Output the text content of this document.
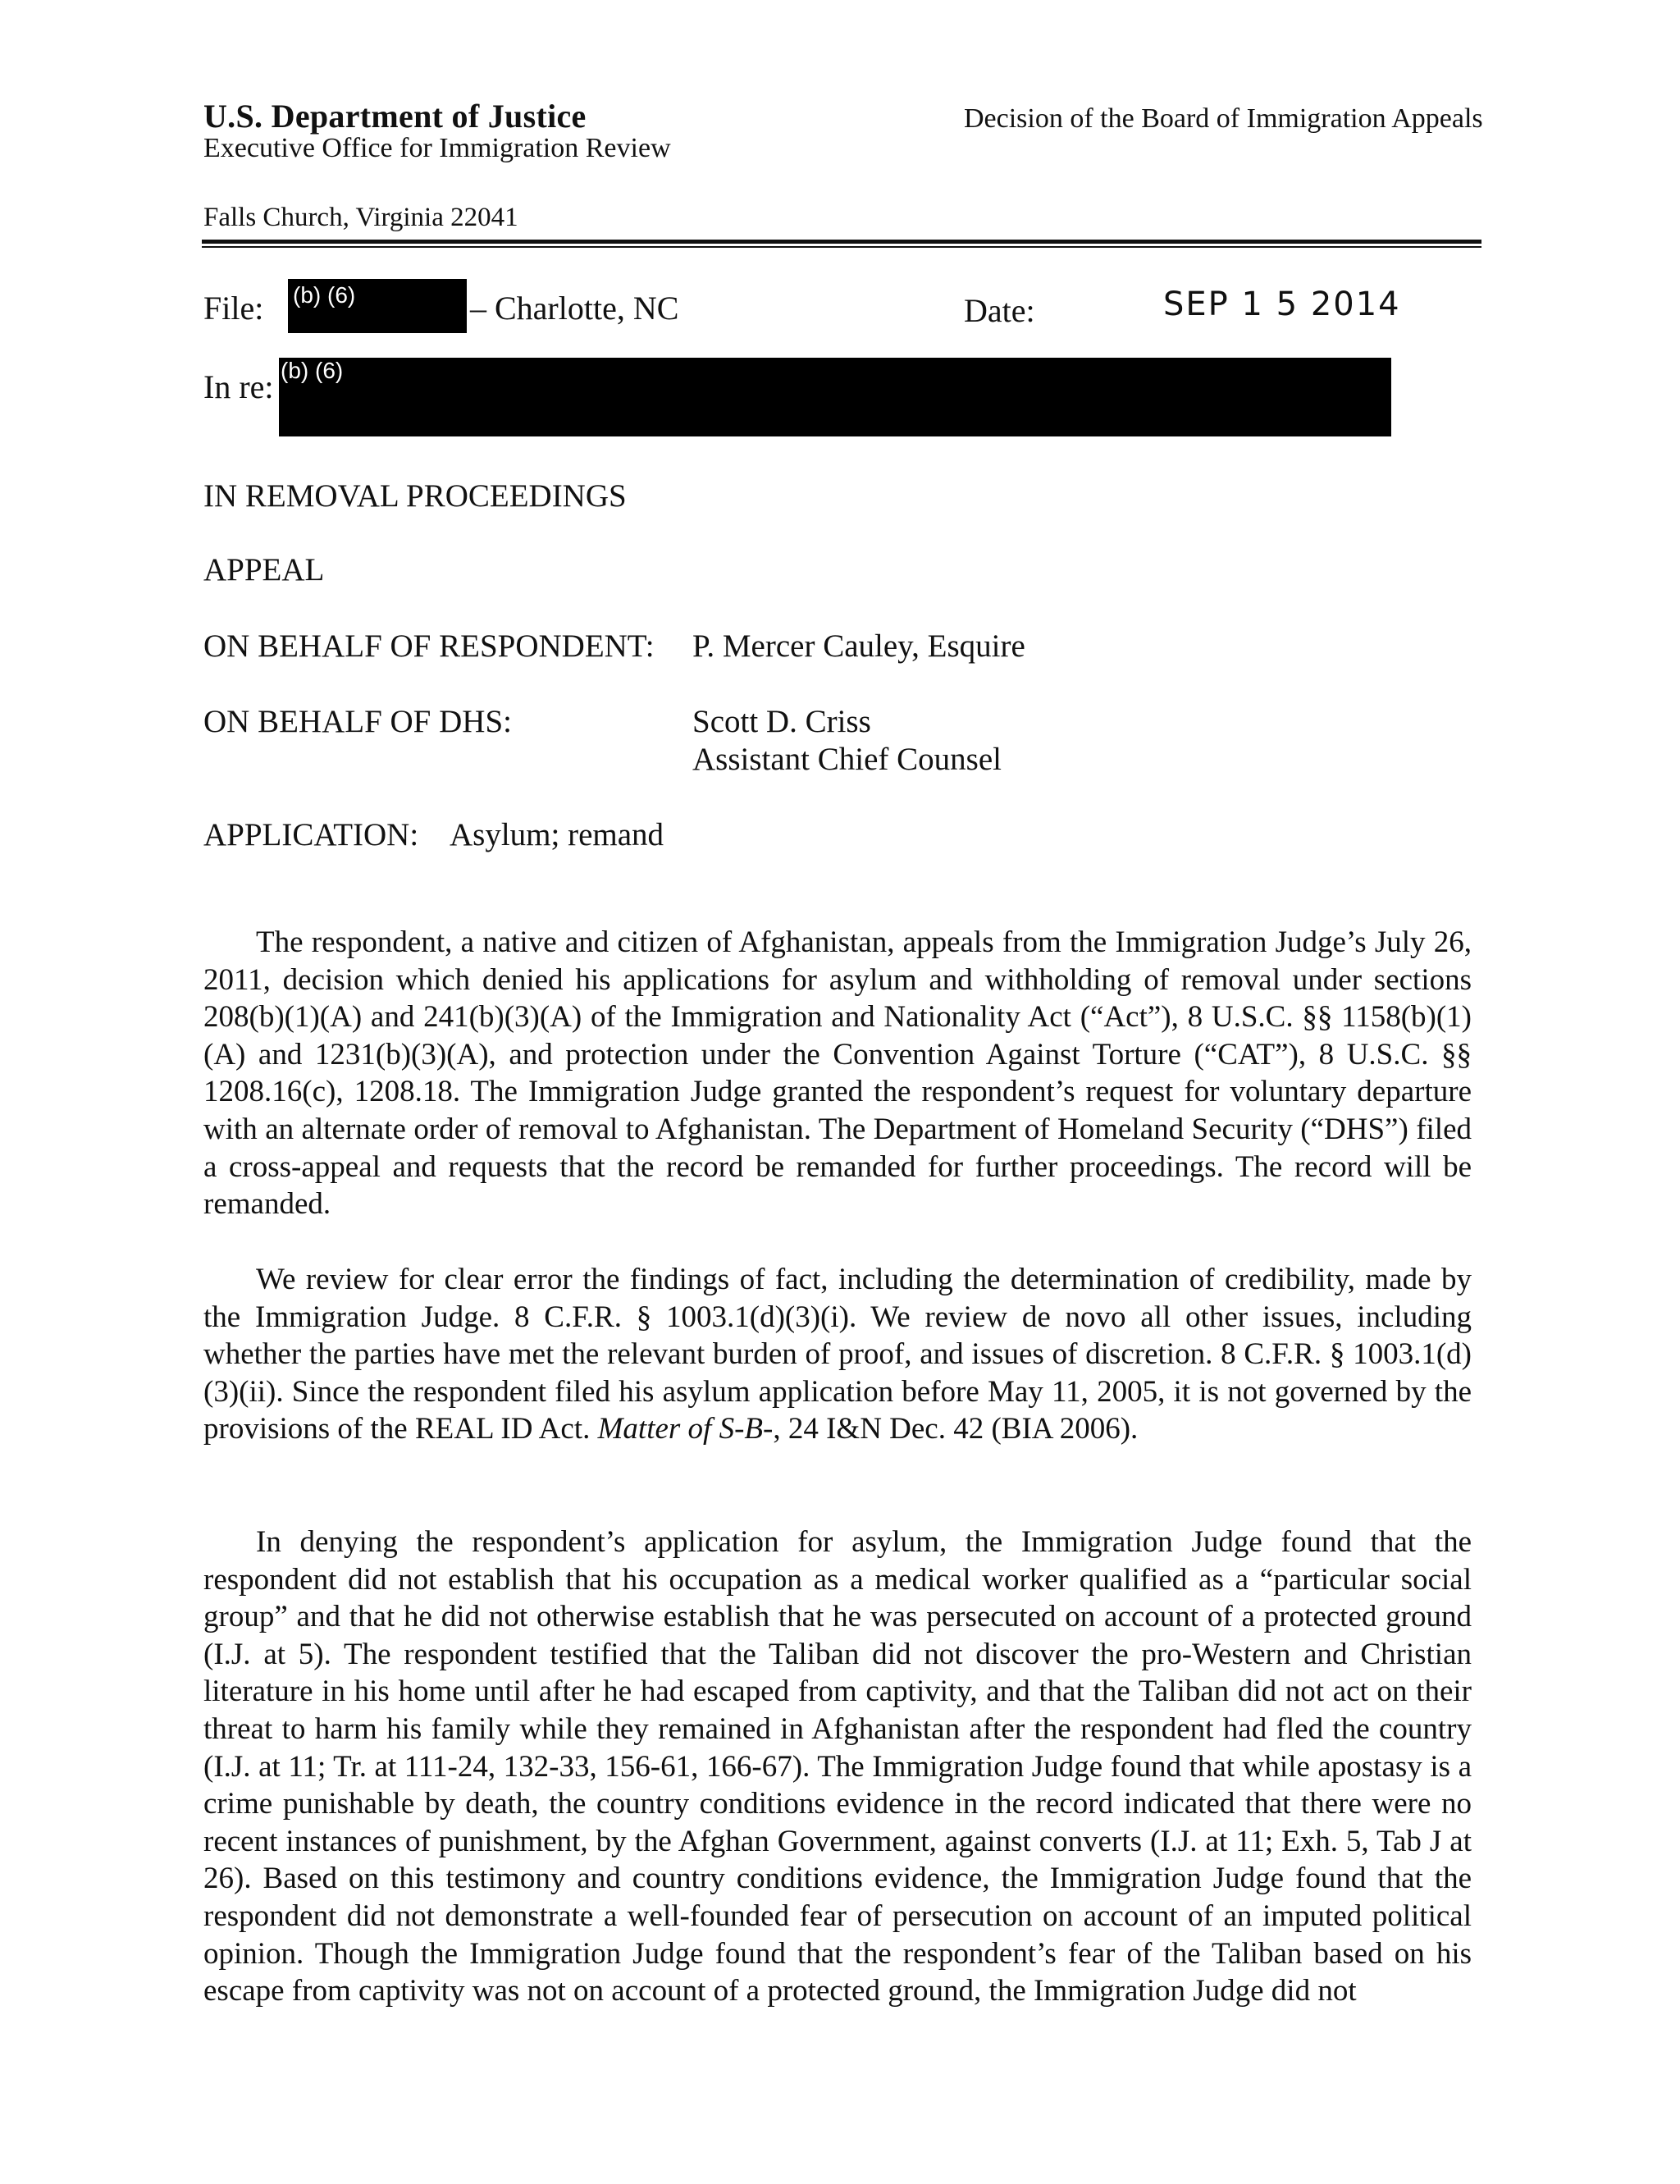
U.S. Department of Justice
Executive Office for Immigration Review
Decision of the Board of Immigration Appeals
Falls Church, Virginia 22041
File: (b) (6)	– Charlotte, NC	Date:	SEP 1 5 2014
In re: (b) (6)
IN REMOVAL PROCEEDINGS
APPEAL
ON BEHALF OF RESPONDENT: P. Mercer Cauley, Esquire
ON BEHALF OF DHS:	Scott D. Criss
Assistant Chief Counsel
APPLICATION: Asylum; remand

The respondent, a native and citizen of Afghanistan, appeals from the Immigration Judge’s July 26, 2011, decision which denied his applications for asylum and withholding of removal under sections 208(b)(1)(A) and 241(b)(3)(A) of the Immigration and Nationality Act (“Act”), 8 U.S.C. §§ 1158(b)(1)(A) and 1231(b)(3)(A), and protection under the Convention Against Torture (“CAT”), 8 U.S.C. §§ 1208.16(c), 1208.18. The Immigration Judge granted the respondent’s request for voluntary departure with an alternate order of removal to Afghanistan. The Department of Homeland Security (“DHS”) filed a cross-appeal and requests that the record be remanded for further proceedings. The record will be remanded.

We review for clear error the findings of fact, including the determination of credibility, made by the Immigration Judge. 8 C.F.R. § 1003.1(d)(3)(i). We review de novo all other issues, including whether the parties have met the relevant burden of proof, and issues of discretion. 8 C.F.R. § 1003.1(d)(3)(ii). Since the respondent filed his asylum application before May 11, 2005, it is not governed by the provisions of the REAL ID Act. Matter of S-B-, 24 I&N Dec. 42 (BIA 2006).

In denying the respondent’s application for asylum, the Immigration Judge found that the respondent did not establish that his occupation as a medical worker qualified as a “particular social group” and that he did not otherwise establish that he was persecuted on account of a protected ground (I.J. at 5). The respondent testified that the Taliban did not discover the pro-Western and Christian literature in his home until after he had escaped from captivity, and that the Taliban did not act on their threat to harm his family while they remained in Afghanistan after the respondent had fled the country (I.J. at 11; Tr. at 111-24, 132-33, 156-61, 166-67). The Immigration Judge found that while apostasy is a crime punishable by death, the country conditions evidence in the record indicated that there were no recent instances of punishment, by the Afghan Government, against converts (I.J. at 11; Exh. 5, Tab J at 26). Based on this testimony and country conditions evidence, the Immigration Judge found that the respondent did not demonstrate a well-founded fear of persecution on account of an imputed political opinion. Though the Immigration Judge found that the respondent’s fear of the Taliban based on his escape from captivity was not on account of a protected ground, the Immigration Judge did not
